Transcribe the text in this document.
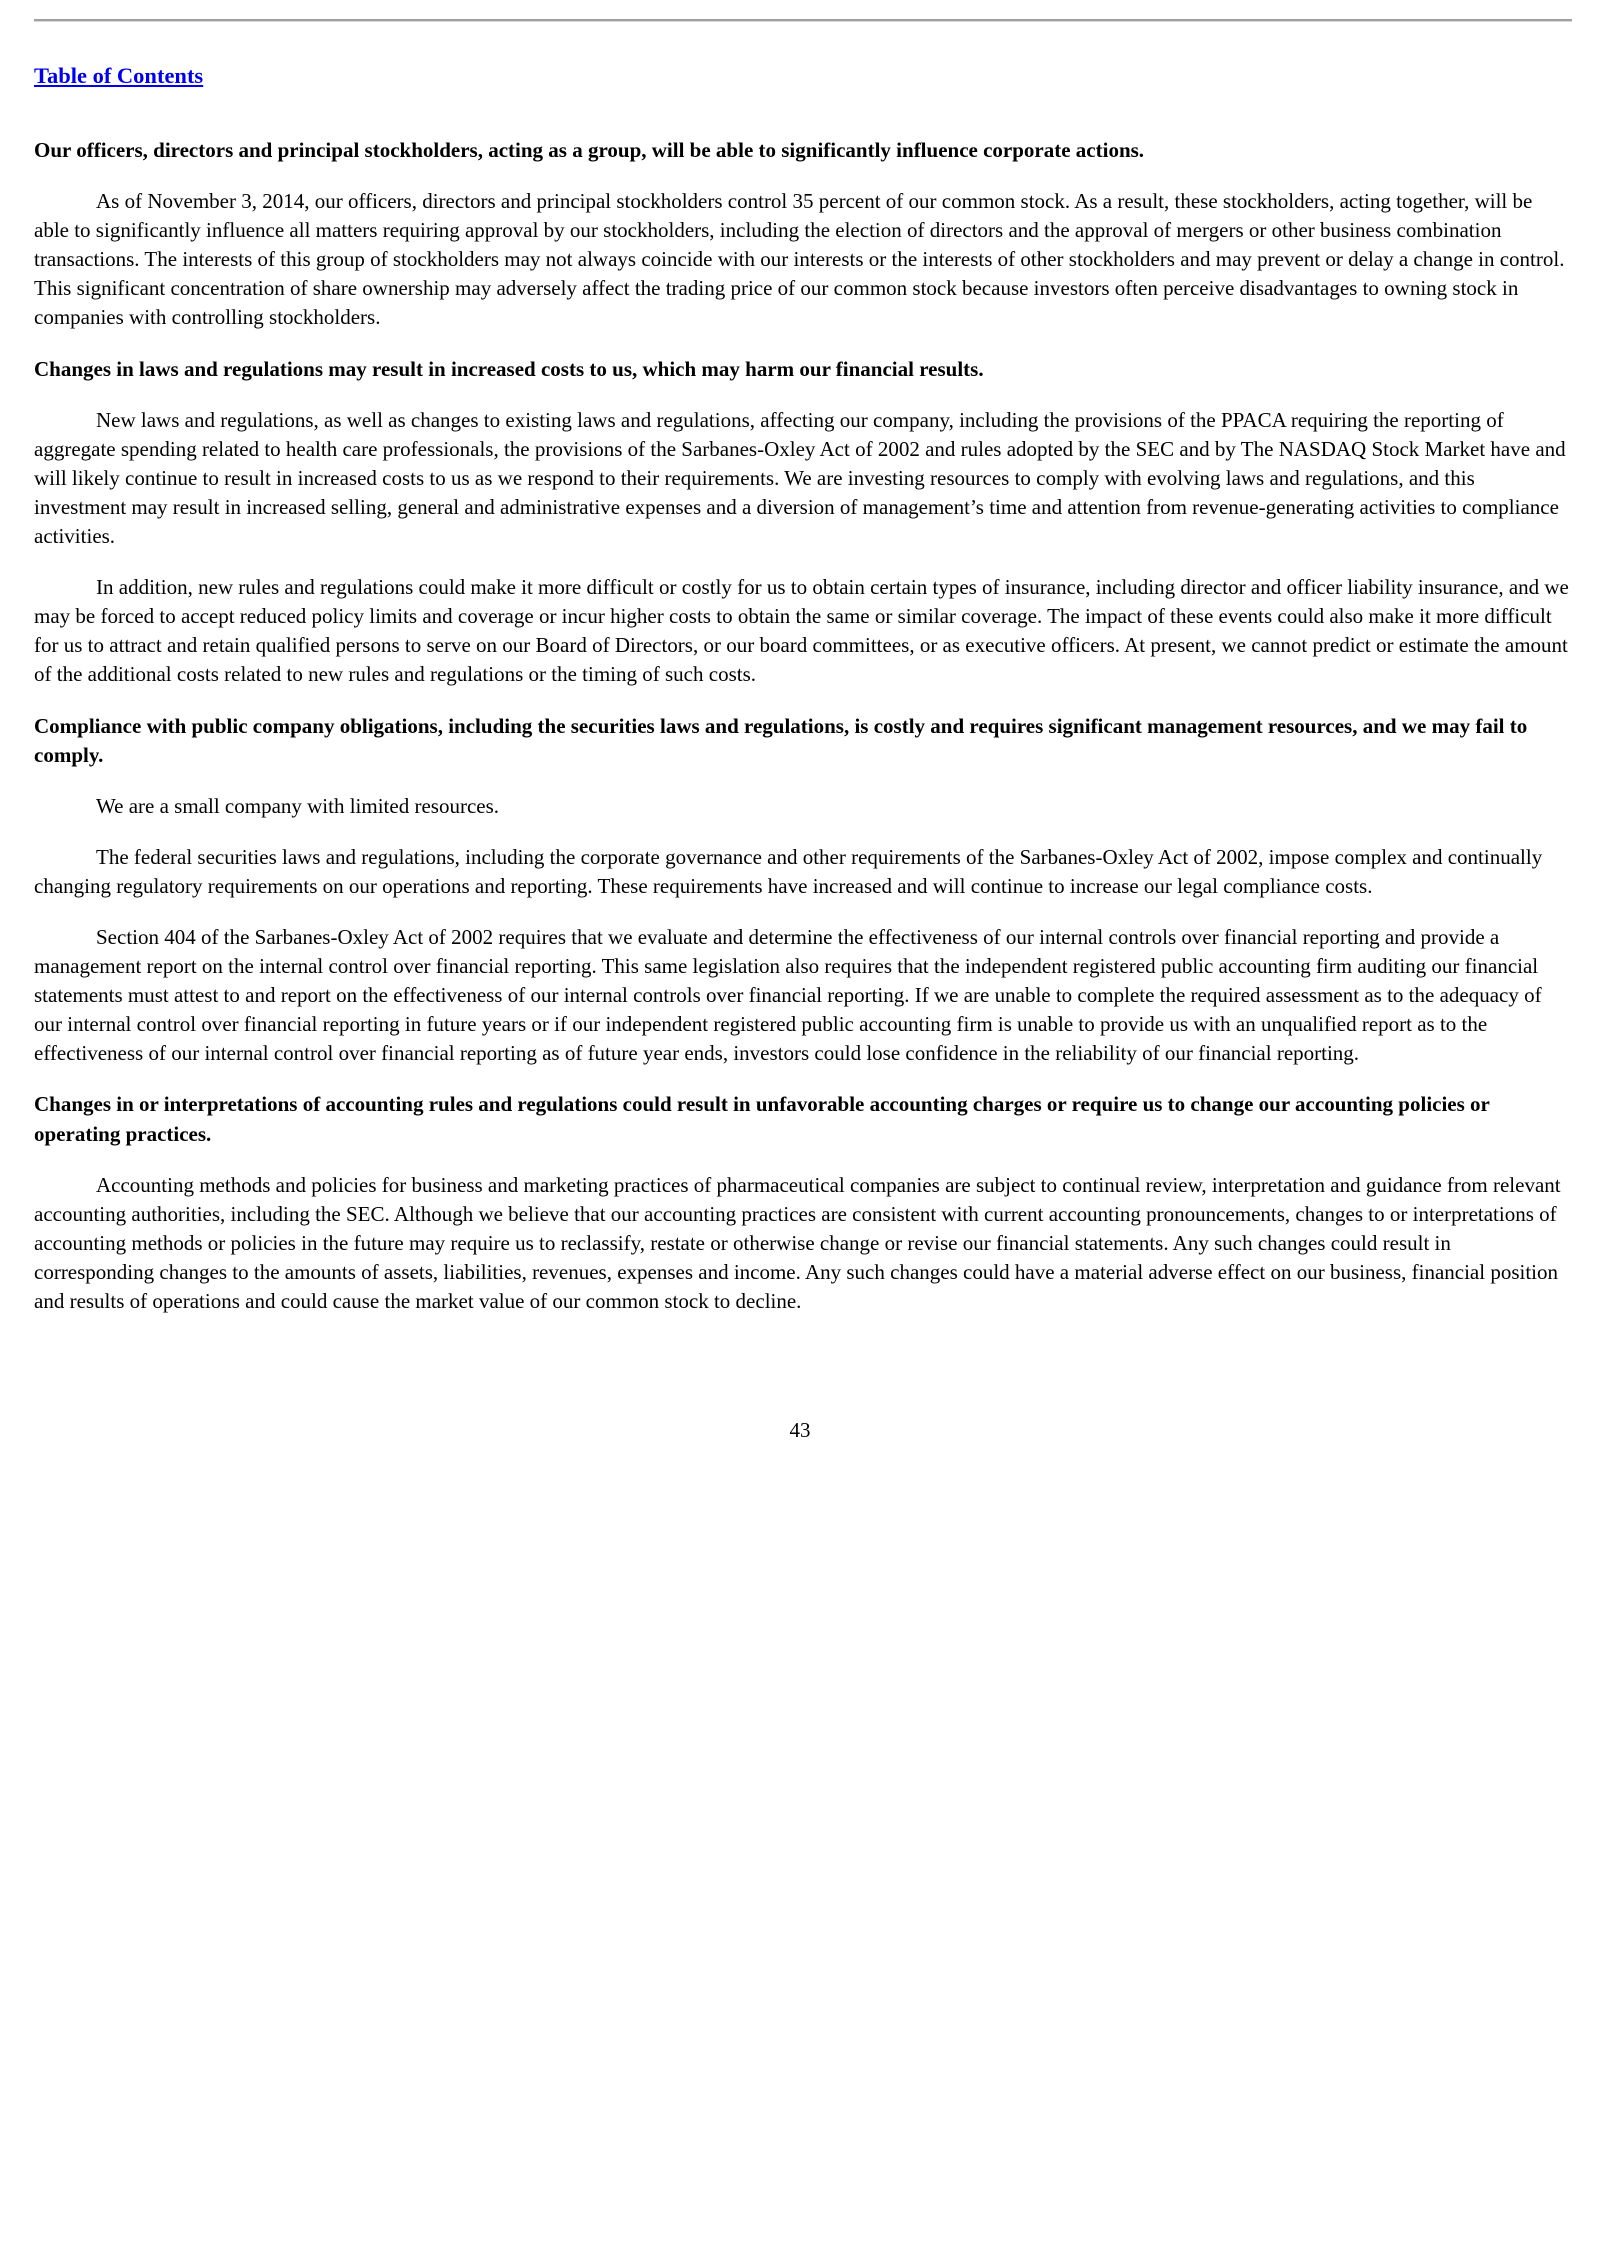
Table of Contents
Our officers, directors and principal stockholders, acting as a group, will be able to significantly influence corporate actions.
As of November 3, 2014, our officers, directors and principal stockholders control 35 percent of our common stock. As a result, these stockholders, acting together, will be able to significantly influence all matters requiring approval by our stockholders, including the election of directors and the approval of mergers or other business combination transactions. The interests of this group of stockholders may not always coincide with our interests or the interests of other stockholders and may prevent or delay a change in control. This significant concentration of share ownership may adversely affect the trading price of our common stock because investors often perceive disadvantages to owning stock in companies with controlling stockholders.
Changes in laws and regulations may result in increased costs to us, which may harm our financial results.
New laws and regulations, as well as changes to existing laws and regulations, affecting our company, including the provisions of the PPACA requiring the reporting of aggregate spending related to health care professionals, the provisions of the Sarbanes-Oxley Act of 2002 and rules adopted by the SEC and by The NASDAQ Stock Market have and will likely continue to result in increased costs to us as we respond to their requirements. We are investing resources to comply with evolving laws and regulations, and this investment may result in increased selling, general and administrative expenses and a diversion of management’s time and attention from revenue-generating activities to compliance activities.
In addition, new rules and regulations could make it more difficult or costly for us to obtain certain types of insurance, including director and officer liability insurance, and we may be forced to accept reduced policy limits and coverage or incur higher costs to obtain the same or similar coverage. The impact of these events could also make it more difficult for us to attract and retain qualified persons to serve on our Board of Directors, or our board committees, or as executive officers. At present, we cannot predict or estimate the amount of the additional costs related to new rules and regulations or the timing of such costs.
Compliance with public company obligations, including the securities laws and regulations, is costly and requires significant management resources, and we may fail to comply.
We are a small company with limited resources.
The federal securities laws and regulations, including the corporate governance and other requirements of the Sarbanes-Oxley Act of 2002, impose complex and continually changing regulatory requirements on our operations and reporting. These requirements have increased and will continue to increase our legal compliance costs.
Section 404 of the Sarbanes-Oxley Act of 2002 requires that we evaluate and determine the effectiveness of our internal controls over financial reporting and provide a management report on the internal control over financial reporting. This same legislation also requires that the independent registered public accounting firm auditing our financial statements must attest to and report on the effectiveness of our internal controls over financial reporting. If we are unable to complete the required assessment as to the adequacy of our internal control over financial reporting in future years or if our independent registered public accounting firm is unable to provide us with an unqualified report as to the effectiveness of our internal control over financial reporting as of future year ends, investors could lose confidence in the reliability of our financial reporting.
Changes in or interpretations of accounting rules and regulations could result in unfavorable accounting charges or require us to change our accounting policies or operating practices.
Accounting methods and policies for business and marketing practices of pharmaceutical companies are subject to continual review, interpretation and guidance from relevant accounting authorities, including the SEC. Although we believe that our accounting practices are consistent with current accounting pronouncements, changes to or interpretations of accounting methods or policies in the future may require us to reclassify, restate or otherwise change or revise our financial statements. Any such changes could result in corresponding changes to the amounts of assets, liabilities, revenues, expenses and income. Any such changes could have a material adverse effect on our business, financial position and results of operations and could cause the market value of our common stock to decline.
43
